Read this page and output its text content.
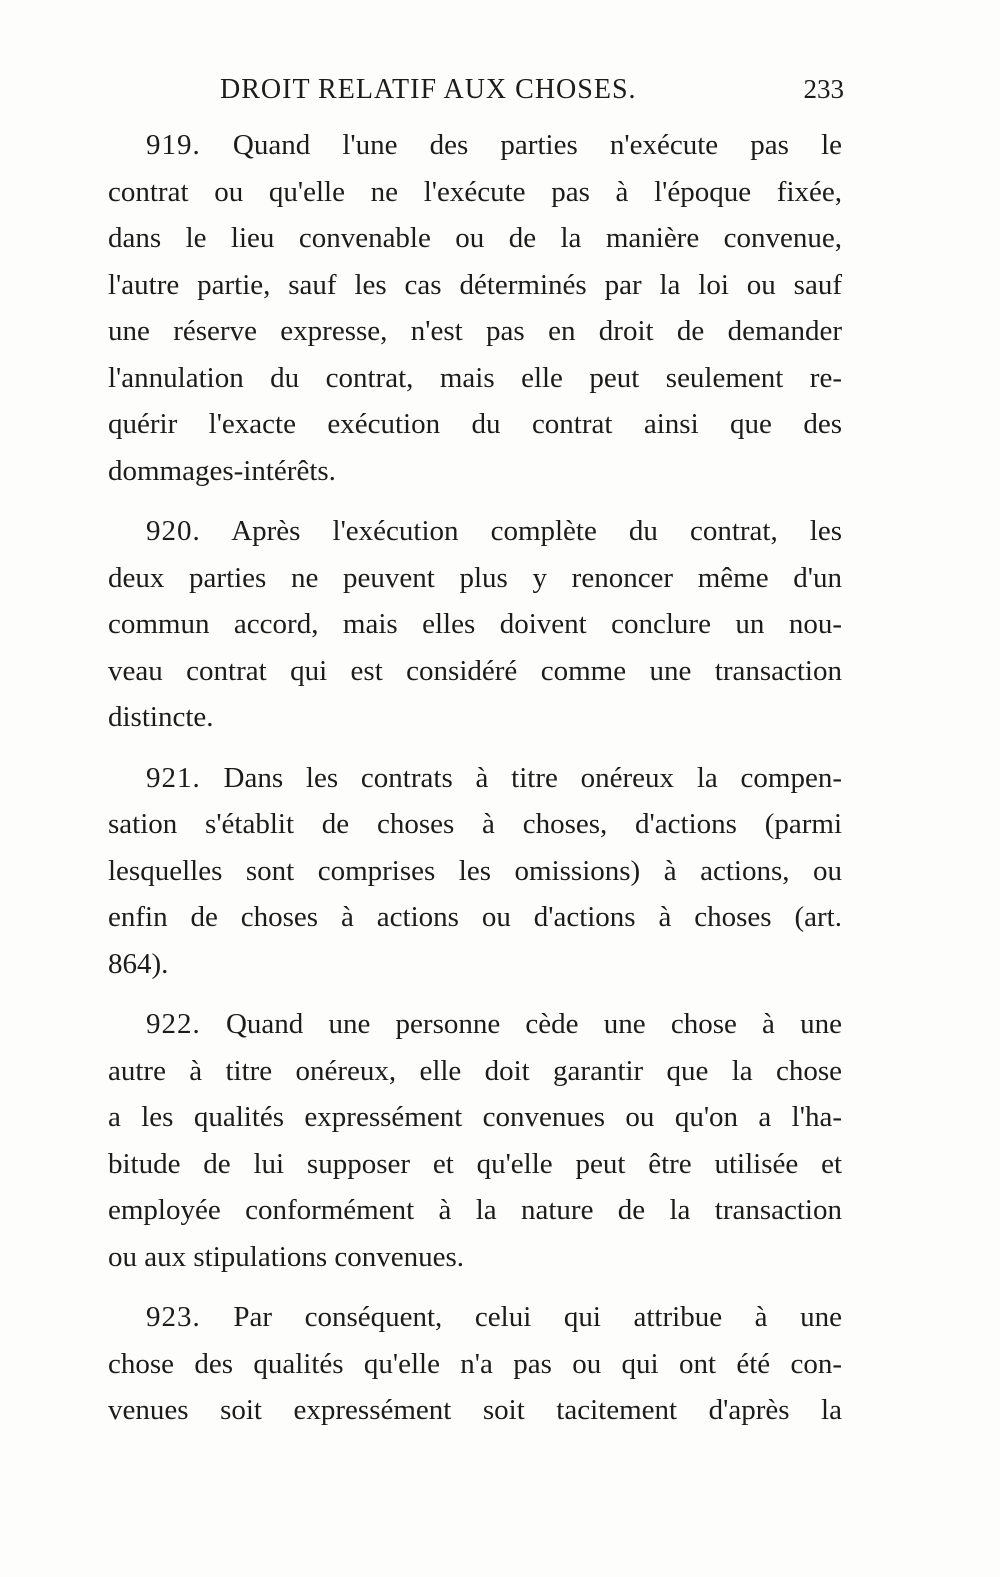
DROIT RELATIF AUX CHOSES.	233
919. Quand l'une des parties n'exécute pas le
contrat ou qu'elle ne l'exécute pas à l'époque fixée,
dans le lieu convenable ou de la manière convenue,
l'autre partie, sauf les cas déterminés par la loi ou sauf
une réserve expresse, n'est pas en droit de demander
l'annulation du contrat, mais elle peut seulement re-
quérir l'exacte exécution du contrat ainsi que des
dommages-intérêts.
920. Après l'exécution complète du contrat, les
deux parties ne peuvent plus y renoncer même d'un
commun accord, mais elles doivent conclure un nou-
veau contrat qui est considéré comme une transaction
distincte.
921. Dans les contrats à titre onéreux la compen-
sation s'établit de choses à choses, d'actions (parmi
lesquelles sont comprises les omissions) à actions, ou
enfin de choses à actions ou d'actions à choses (art.
864).
922. Quand une personne cède une chose à une
autre à titre onéreux, elle doit garantir que la chose
a les qualités expressément convenues ou qu'on a l'ha-
bitude de lui supposer et qu'elle peut être utilisée et
employée conformément à la nature de la transaction
ou aux stipulations convenues.
923. Par conséquent, celui qui attribue à une
chose des qualités qu'elle n'a pas ou qui ont été con-
venues soit expressément soit tacitement d'après la
